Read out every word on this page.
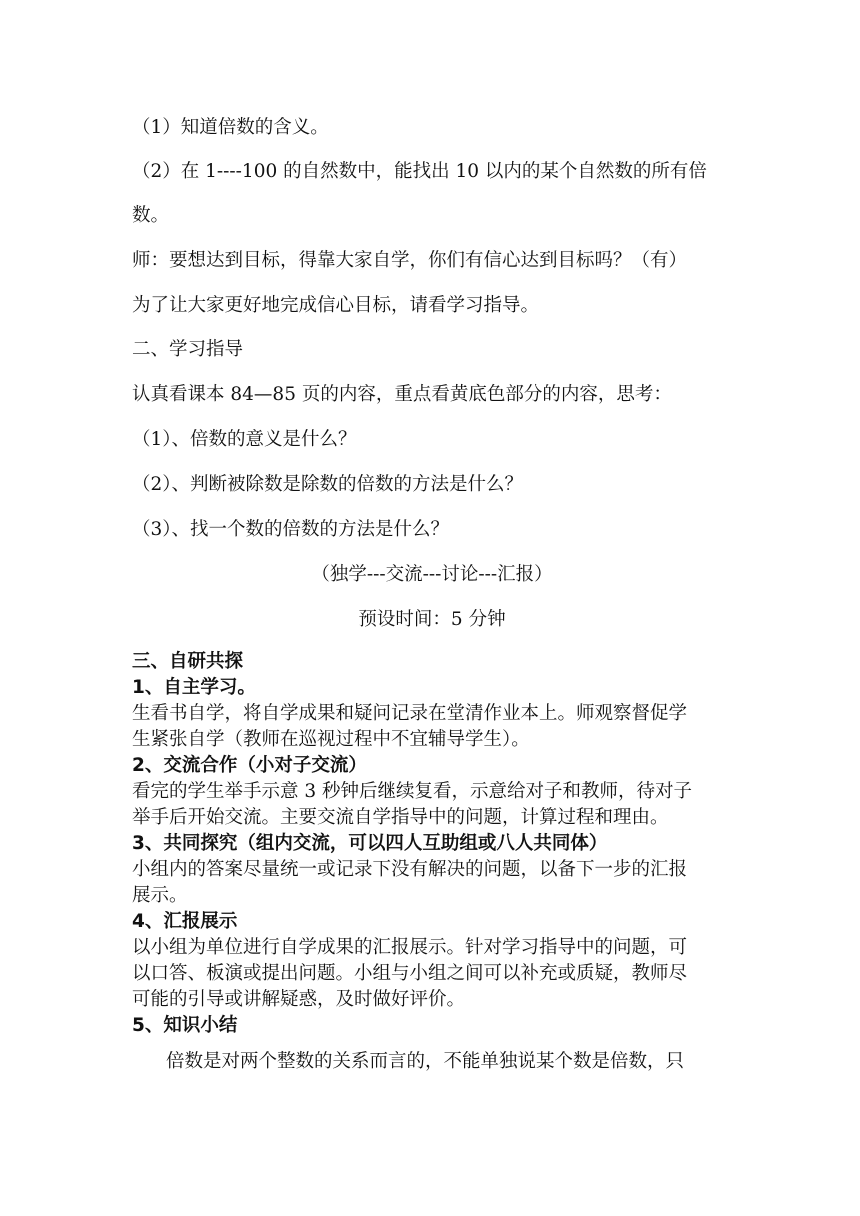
（1）知道倍数的含义。
（2）在 1----100 的自然数中，能找出 10 以内的某个自然数的所有倍
数。
师：要想达到目标，得靠大家自学，你们有信心达到目标吗？（有）
为了让大家更好地完成信心目标，请看学习指导。
二、学习指导
认真看课本 84—85 页的内容，重点看黄底色部分的内容，思考：
（1）、倍数的意义是什么？
（2）、判断被除数是除数的倍数的方法是什么？
（3）、找一个数的倍数的方法是什么？
（独学---交流---讨论---汇报）
预设时间：5 分钟
三、自研共探
1、自主学习。
生看书自学，将自学成果和疑问记录在堂清作业本上。师观察督促学
生紧张自学（教师在巡视过程中不宜辅导学生）。
2、交流合作（小对子交流）
看完的学生举手示意 3 秒钟后继续复看，示意给对子和教师，待对子
举手后开始交流。主要交流自学指导中的问题，计算过程和理由。
3、共同探究（组内交流，可以四人互助组或八人共同体）
小组内的答案尽量统一或记录下没有解决的问题，以备下一步的汇报
展示。
4、汇报展示
以小组为单位进行自学成果的汇报展示。针对学习指导中的问题，可
以口答、板演或提出问题。小组与小组之间可以补充或质疑，教师尽
可能的引导或讲解疑惑，及时做好评价。
5、知识小结
倍数是对两个整数的关系而言的，不能单独说某个数是倍数，只
